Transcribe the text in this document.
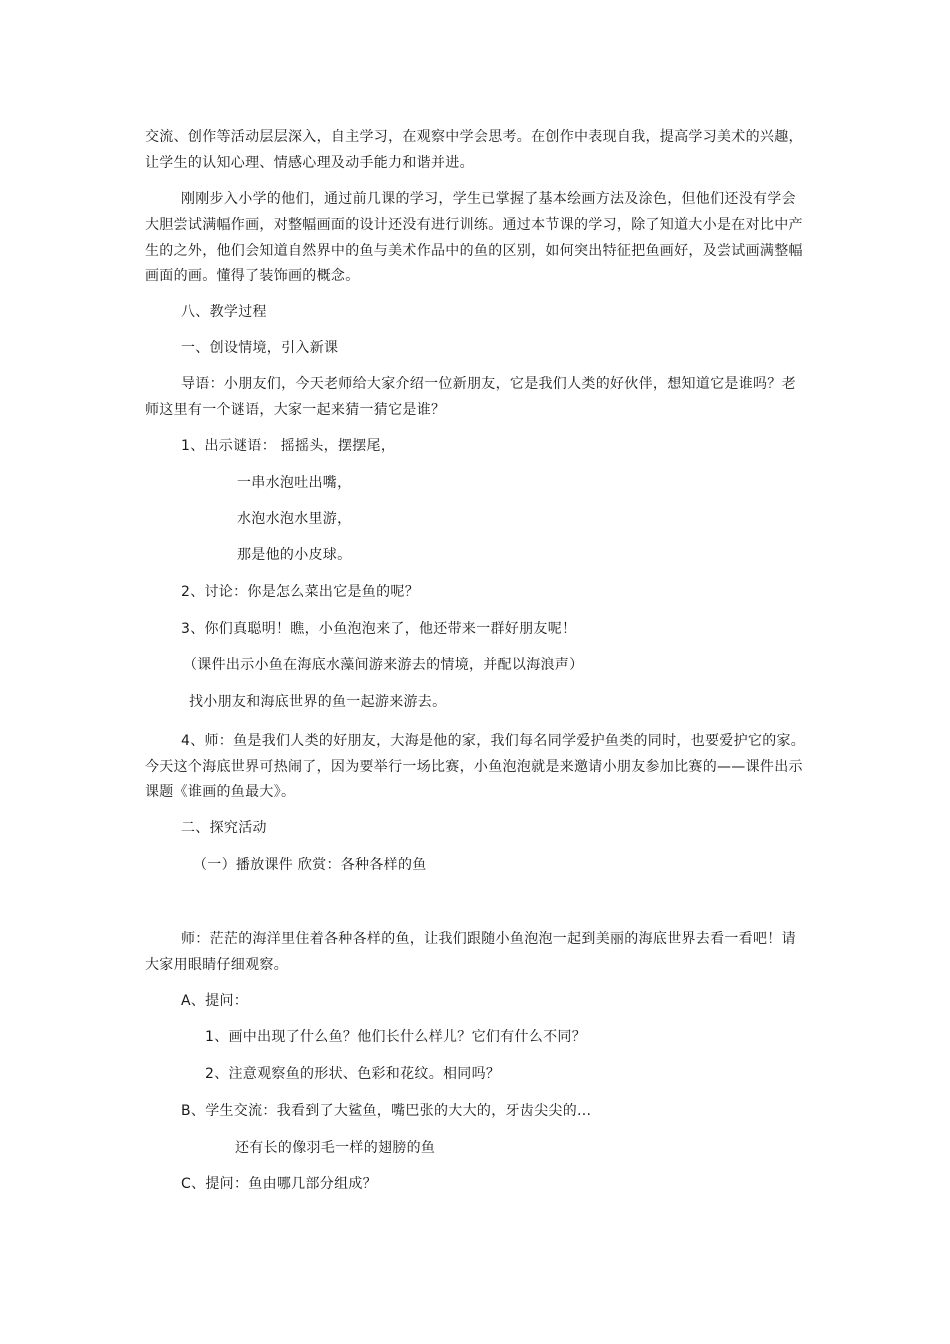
交流、创作等活动层层深入，自主学习，在观察中学会思考。在创作中表现自我，提高学习美术的兴趣，
让学生的认知心理、情感心理及动手能力和谐并进。
刚刚步入小学的他们，通过前几课的学习，学生已掌握了基本绘画方法及涂色，但他们还没有学会
大胆尝试满幅作画，对整幅画面的设计还没有进行训练。通过本节课的学习，除了知道大小是在对比中产
生的之外，他们会知道自然界中的鱼与美术作品中的鱼的区别，如何突出特征把鱼画好，及尝试画满整幅
画面的画。懂得了装饰画的概念。
八、教学过程
一、创设情境，引入新课
导语：小朋友们，今天老师给大家介绍一位新朋友，它是我们人类的好伙伴，想知道它是谁吗？老
师这里有一个谜语，大家一起来猜一猜它是谁？
1、出示谜语： 摇摇头，摆摆尾，
一串水泡吐出嘴，
水泡水泡水里游，
那是他的小皮球。
2、讨论：你是怎么菜出它是鱼的呢？
3、你们真聪明！瞧，小鱼泡泡来了，他还带来一群好朋友呢！
（课件出示小鱼在海底水藻间游来游去的情境，并配以海浪声）
找小朋友和海底世界的鱼一起游来游去。
4、师：鱼是我们人类的好朋友，大海是他的家，我们每名同学爱护鱼类的同时，也要爱护它的家。
今天这个海底世界可热闹了，因为要举行一场比赛，小鱼泡泡就是来邀请小朋友参加比赛的——课件出示
课题《谁画的鱼最大》。
二、探究活动
（一）播放课件 欣赏：各种各样的鱼
师：茫茫的海洋里住着各种各样的鱼，让我们跟随小鱼泡泡一起到美丽的海底世界去看一看吧！请
大家用眼睛仔细观察。
A、提问：
1、画中出现了什么鱼？他们长什么样儿？它们有什么不同？
2、注意观察鱼的形状、色彩和花纹。相同吗？
B、学生交流：我看到了大鲨鱼，嘴巴张的大大的，牙齿尖尖的...
还有长的像羽毛一样的翅膀的鱼
C、提问：鱼由哪几部分组成？
